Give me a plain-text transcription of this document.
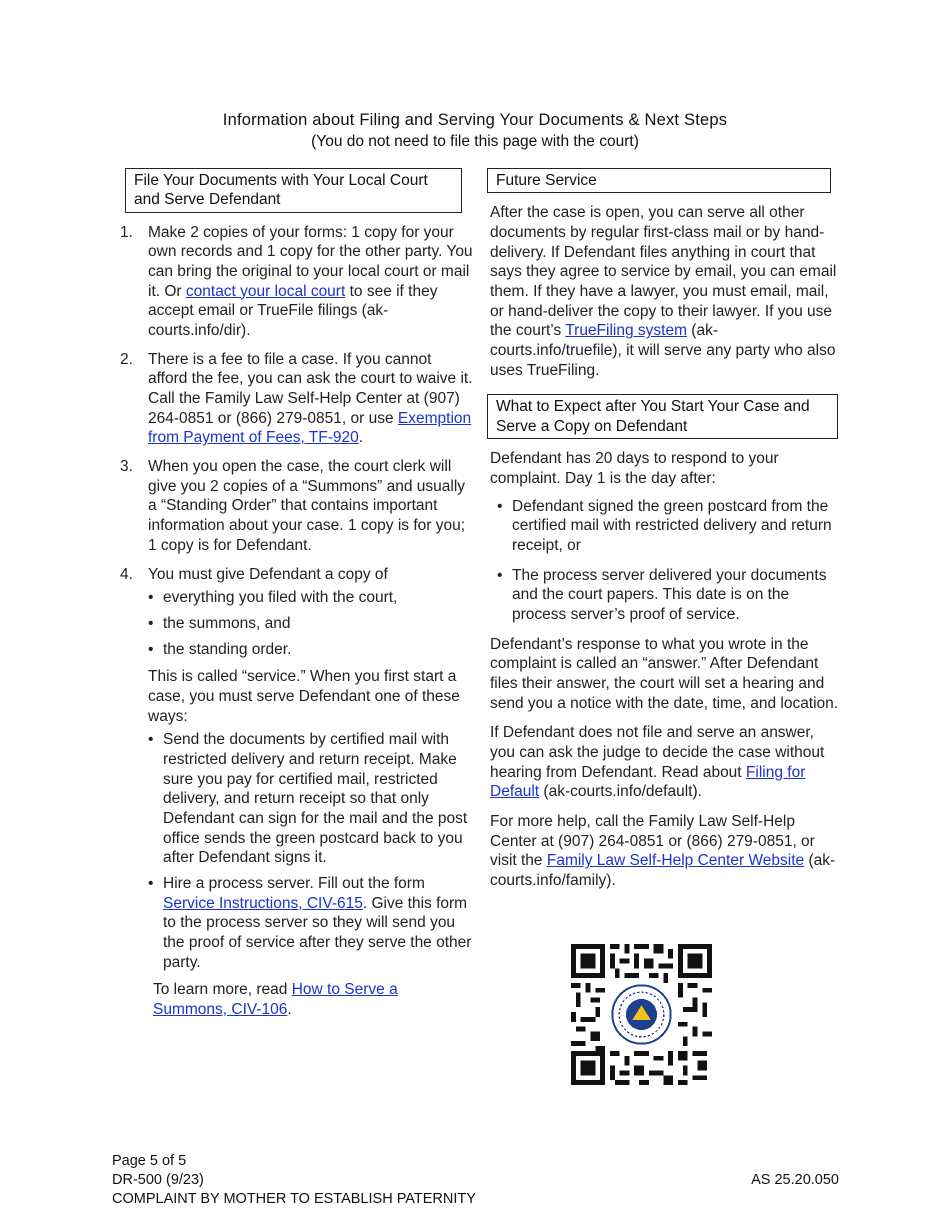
Information about Filing and Serving Your Documents & Next Steps
(You do not need to file this page with the court)
File Your Documents with Your Local Court and Serve Defendant
1. Make 2 copies of your forms: 1 copy for your own records and 1 copy for the other party. You can bring the original to your local court or mail it. Or contact your local court to see if they accept email or TrueFile filings (ak-courts.info/dir).
2. There is a fee to file a case. If you cannot afford the fee, you can ask the court to waive it. Call the Family Law Self-Help Center at (907) 264-0851 or (866) 279-0851, or use Exemption from Payment of Fees, TF-920.
3. When you open the case, the court clerk will give you 2 copies of a “Summons” and usually a “Standing Order” that contains important information about your case. 1 copy is for you; 1 copy is for Defendant.
4. You must give Defendant a copy of
• everything you filed with the court,
• the summons, and
• the standing order.
This is called “service.” When you first start a case, you must serve Defendant one of these ways:
• Send the documents by certified mail with restricted delivery and return receipt. Make sure you pay for certified mail, restricted delivery, and return receipt so that only Defendant can sign for the mail and the post office sends the green postcard back to you after Defendant signs it.
• Hire a process server. Fill out the form Service Instructions, CIV-615. Give this form to the process server so they will send you the proof of service after they serve the other party.
To learn more, read How to Serve a Summons, CIV-106.
Future Service
After the case is open, you can serve all other documents by regular first-class mail or by hand-delivery. If Defendant files anything in court that says they agree to service by email, you can email them. If they have a lawyer, you must email, mail, or hand-deliver the copy to their lawyer. If you use the court’s TrueFiling system (ak-courts.info/truefile), it will serve any party who also uses TrueFiling.
What to Expect after You Start Your Case and Serve a Copy on Defendant
Defendant has 20 days to respond to your complaint. Day 1 is the day after:
• Defendant signed the green postcard from the certified mail with restricted delivery and return receipt, or
• The process server delivered your documents and the court papers. This date is on the process server’s proof of service.
Defendant’s response to what you wrote in the complaint is called an “answer.” After Defendant files their answer, the court will set a hearing and send you a notice with the date, time, and location.
If Defendant does not file and serve an answer, you can ask the judge to decide the case without hearing from Defendant. Read about Filing for Default (ak-courts.info/default).
For more help, call the Family Law Self-Help Center at (907) 264-0851 or (866) 279-0851, or visit the Family Law Self-Help Center Website (ak-courts.info/family).
Page 5 of 5
DR-500 (9/23)
COMPLAINT BY MOTHER TO ESTABLISH PATERNITY
AS 25.20.050
